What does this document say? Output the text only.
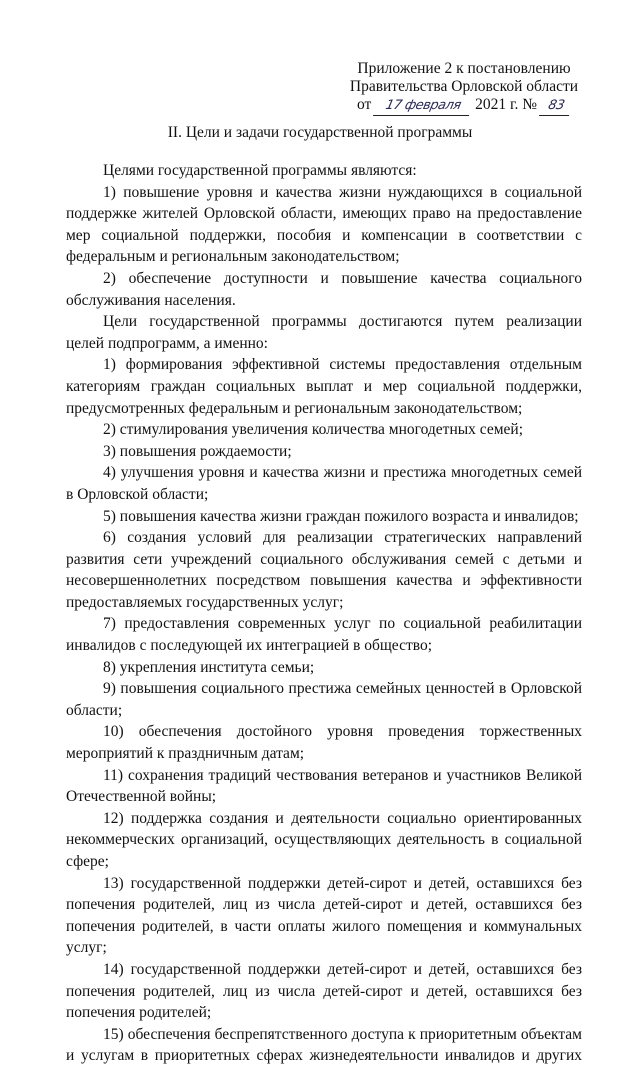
Приложение 2 к постановлению
Правительства Орловской области
от 17 февраля 2021 г. № 83
II. Цели и задачи государственной программы

Целями государственной программы являются:

1) повышение уровня и качества жизни нуждающихся в социальной поддержке жителей Орловской области, имеющих право на предоставление мер социальной поддержки, пособия и компенсации в соответствии с федеральным и региональным законодательством;

2) обеспечение доступности и повышение качества социального обслуживания населения.

Цели государственной программы достигаются путем реализации целей подпрограмм, а именно:

1) формирования эффективной системы предоставления отдельным категориям граждан социальных выплат и мер социальной поддержки, предусмотренных федеральным и региональным законодательством;

2) стимулирования увеличения количества многодетных семей;

3) повышения рождаемости;

4) улучшения уровня и качества жизни и престижа многодетных семей в Орловской области;

5) повышения качества жизни граждан пожилого возраста и инвалидов;

6) создания условий для реализации стратегических направлений развития сети учреждений социального обслуживания семей с детьми и несовершеннолетних посредством повышения качества и эффективности предоставляемых государственных услуг;

7) предоставления современных услуг по социальной реабилитации инвалидов с последующей их интеграцией в общество;

8) укрепления института семьи;

9) повышения социального престижа семейных ценностей в Орловской области;

10) обеспечения достойного уровня проведения торжественных мероприятий к праздничным датам;

11) сохранения традиций чествования ветеранов и участников Великой Отечественной войны;

12) поддержка создания и деятельности социально ориентированных некоммерческих организаций, осуществляющих деятельность в социальной сфере;

13) государственной поддержки детей-сирот и детей, оставшихся без попечения родителей, лиц из числа детей-сирот и детей, оставшихся без попечения родителей, в части оплаты жилого помещения и коммунальных услуг;

14) государственной поддержки детей-сирот и детей, оставшихся без попечения родителей, лиц из числа детей-сирот и детей, оставшихся без попечения родителей;

15) обеспечения беспрепятственного доступа к приоритетным объектам и услугам в приоритетных сферах жизнедеятельности инвалидов и других
